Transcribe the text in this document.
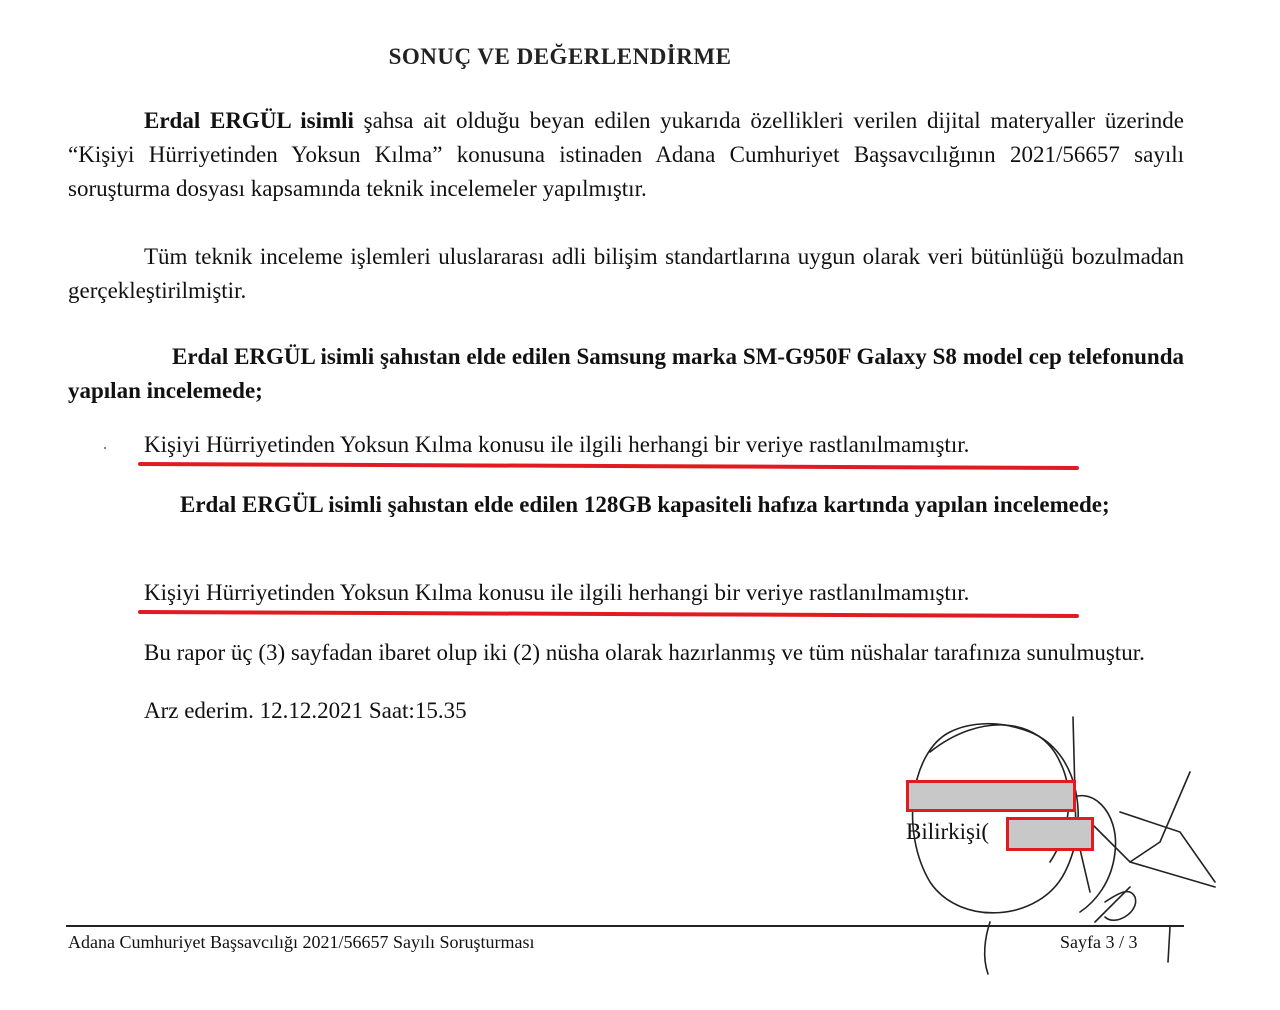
SONUÇ VE DEĞERLENDİRME
Erdal ERGÜL isimli şahsa ait olduğu beyan edilen yukarıda özellikleri verilen dijital materyaller üzerinde “Kişiyi Hürriyetinden Yoksun Kılma” konusuna istinaden Adana Cumhuriyet Başsavcılığının 2021/56657 sayılı soruşturma dosyası kapsamında teknik incelemeler yapılmıştır.
Tüm teknik inceleme işlemleri uluslararası adli bilişim standartlarına uygun olarak veri bütünlüğü bozulmadan gerçekleştirilmiştir.
Erdal ERGÜL isimli şahıstan elde edilen Samsung marka SM-G950F Galaxy S8 model cep telefonunda yapılan incelemede;
Kişiyi Hürriyetinden Yoksun Kılma konusu ile ilgili herhangi bir veriye rastlanılmamıştır.
Erdal ERGÜL isimli şahıstan elde edilen 128GB kapasiteli hafıza kartında yapılan incelemede;
Kişiyi Hürriyetinden Yoksun Kılma konusu ile ilgili herhangi bir veriye rastlanılmamıştır.
Bu rapor üç (3) sayfadan ibaret olup iki (2) nüsha olarak hazırlanmış ve tüm nüshalar tarafınıza sunulmuştur.
Arz ederim. 12.12.2021 Saat:15.35
Bilirkişi(
Adana Cumhuriyet Başsavcılığı 2021/56657 Sayılı Soruşturması	Sayfa 3 / 3
